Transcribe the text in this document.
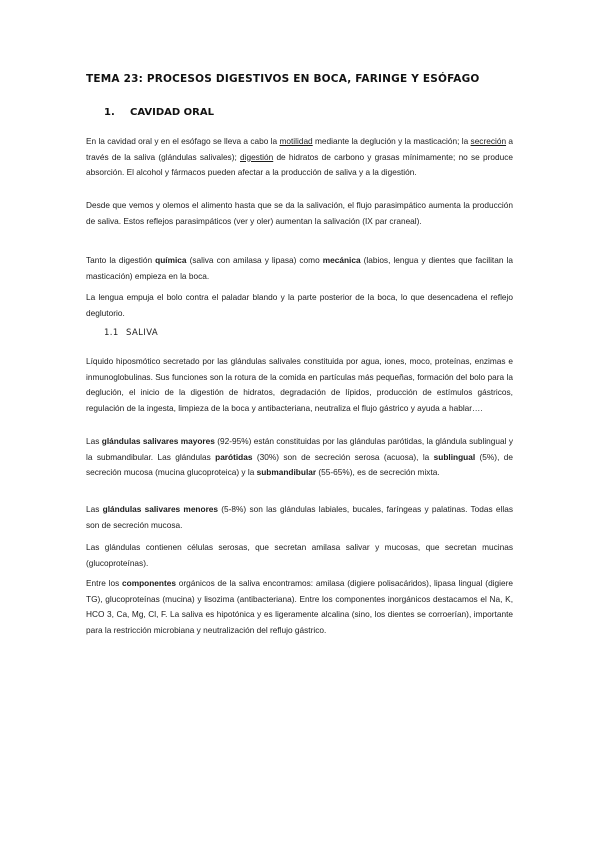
TEMA 23: PROCESOS DIGESTIVOS EN BOCA, FARINGE Y ESÓFAGO
1. CAVIDAD ORAL

En la cavidad oral y en el esófago se lleva a cabo la motilidad mediante la deglución y la masticación; la secreción a través de la saliva (glándulas salivales); digestión de hidratos de carbono y grasas mínimamente; no se produce absorción. El alcohol y fármacos pueden afectar a la producción de saliva y a la digestión.

Desde que vemos y olemos el alimento hasta que se da la salivación, el flujo parasimpático aumenta la producción de saliva. Estos reflejos parasimpáticos (ver y oler) aumentan la salivación (IX par craneal).

Tanto la digestión química (saliva con amilasa y lipasa) como mecánica (labios, lengua y dientes que facilitan la masticación) empieza en la boca.

La lengua empuja el bolo contra el paladar blando y la parte posterior de la boca, lo que desencadena el reflejo deglutorio.

1.1 SALIVA

Líquido hiposmótico secretado por las glándulas salivales constituida por agua, iones, moco, proteínas, enzimas e inmunoglobulinas. Sus funciones son la rotura de la comida en partículas más pequeñas, formación del bolo para la deglución, el inicio de la digestión de hidratos, degradación de lípidos, producción de estímulos gástricos, regulación de la ingesta, limpieza de la boca y antibacteriana, neutraliza el flujo gástrico y ayuda a hablar….

Las glándulas salivares mayores (92-95%) están constituidas por las glándulas parótidas, la glándula sublingual y la submandibular. Las glándulas parótidas (30%) son de secreción serosa (acuosa), la sublingual (5%), de secreción mucosa (mucina glucoproteica) y la submandibular (55-65%), es de secreción mixta.

Las glándulas salivares menores (5-8%) son las glándulas labiales, bucales, faríngeas y palatinas. Todas ellas son de secreción mucosa.

Las glándulas contienen células serosas, que secretan amilasa salivar y mucosas, que secretan mucinas (glucoproteínas).

Entre los componentes orgánicos de la saliva encontramos: amilasa (digiere polisacáridos), lipasa lingual (digiere TG), glucoproteínas (mucina) y lisozima (antibacteriana). Entre los componentes inorgánicos destacamos el Na, K, HCO 3, Ca, Mg, Cl, F. La saliva es hipotónica y es ligeramente alcalina (sino, los dientes se corroerían), importante para la restricción microbiana y neutralización del reflujo gástrico.
